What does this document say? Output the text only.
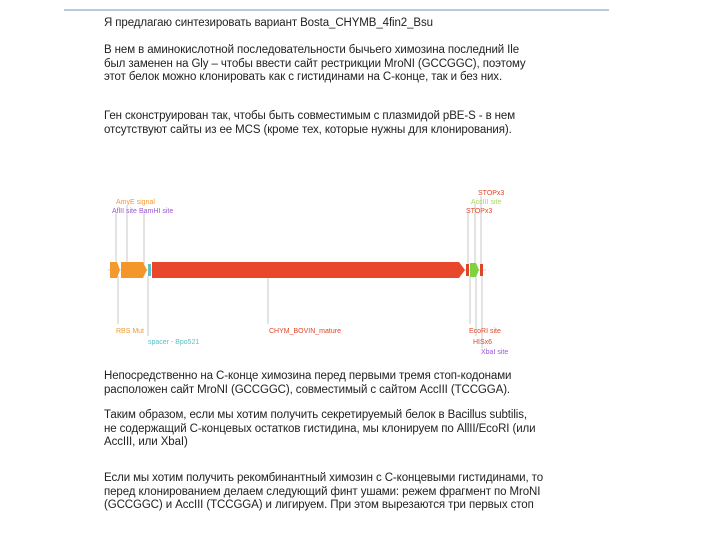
Я предлагаю синтезировать вариант Bosta_CHYMB_4fin2_Bsu
В нем в аминокислотной последовательности бычьего химозина последний Ile
был заменен на Gly – чтобы ввести сайт рестрикции MroNI (GCCGGC), поэтому
этот белок можно клонировать как с гистидинами на С-конце, так и без них.
Ген сконструирован так, чтобы быть совместимым с плазмидой pBE-S - в нем
отсутствуют сайты из ее MCS (кроме тех, которые нужны для клонирования).
AmyE signal
AflII site BamHI site
STOPx3
AccIII site
STOPx3
RBS Mut
spacer - Bpo521
CHYM_BOVIN_mature	EcoRI site
HISx6
XbaI site
Непосредственно на С-конце химозина перед первыми тремя стоп-кодонами
расположен сайт MroNI (GCCGGC), совместимый с сайтом AccIII (TCCGGA).
Таким образом, если мы хотим получить секретируемый белок в Bacillus subtilis,
не содержащий С-концевых остатков гистидина, мы клонируем по AllII/EcoRI (или
AccIII, или XbaI)
Если мы хотим получить рекомбинантный химозин с С-концевыми гистидинами, то
перед клонированием делаем следующий финт ушами: режем фрагмент по MroNI
(GCCGGC) и AccIII (TCCGGA) и лигируем. При этом вырезаются три первых стоп
